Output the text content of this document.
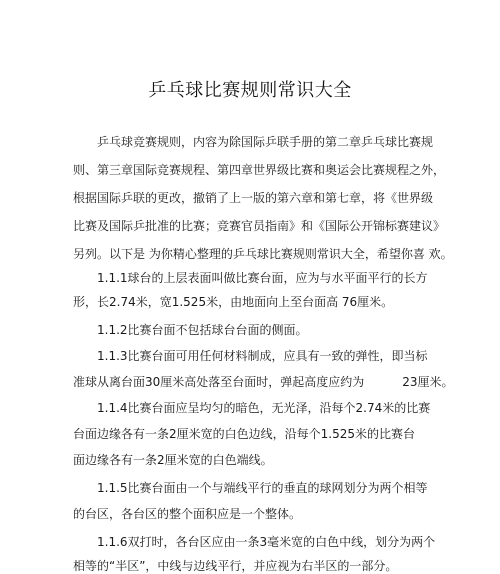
乒乓球比赛规则常识大全
乒乓球竞赛规则，内容为除国际乒联手册的第二章乒乓球比赛规
则、第三章国际竞赛规程、第四章世界级比赛和奥运会比赛规程之外，
根据国际乒联的更改，撤销了上一版的第六章和第七章，将《世界级
比赛及国际乒批准的比赛；竞赛官员指南》和《国际公开锦标赛建议》
另列。以下是 为你精心整理的乒乓球比赛规则常识大全，希望你喜 欢。
1.1.1球台的上层表面叫做比赛台面，应为与水平面平行的长方
形，长2.74米，宽1.525米，由地面向上至台面高 76厘米。
1.1.2比赛台面不包括球台台面的侧面。
1.1.3比赛台面可用任何材料制成，应具有一致的弹性，即当标
准球从离台面30厘米高处落至台面时，弹起高度应约为	23厘米。
1.1.4比赛台面应呈均匀的暗色，无光泽，沿每个2.74米的比赛
台面边缘各有一条2厘米宽的白色边线，沿每个1.525米的比赛台
面边缘各有一条2厘米宽的白色端线。
1.1.5比赛台面由一个与端线平行的垂直的球网划分为两个相等
的台区，各台区的整个面积应是一个整体。
1.1.6双打时，各台区应由一条3毫米宽的白色中线，划分为两个
相等的“半区”，中线与边线平行，并应视为右半区的一部分。
